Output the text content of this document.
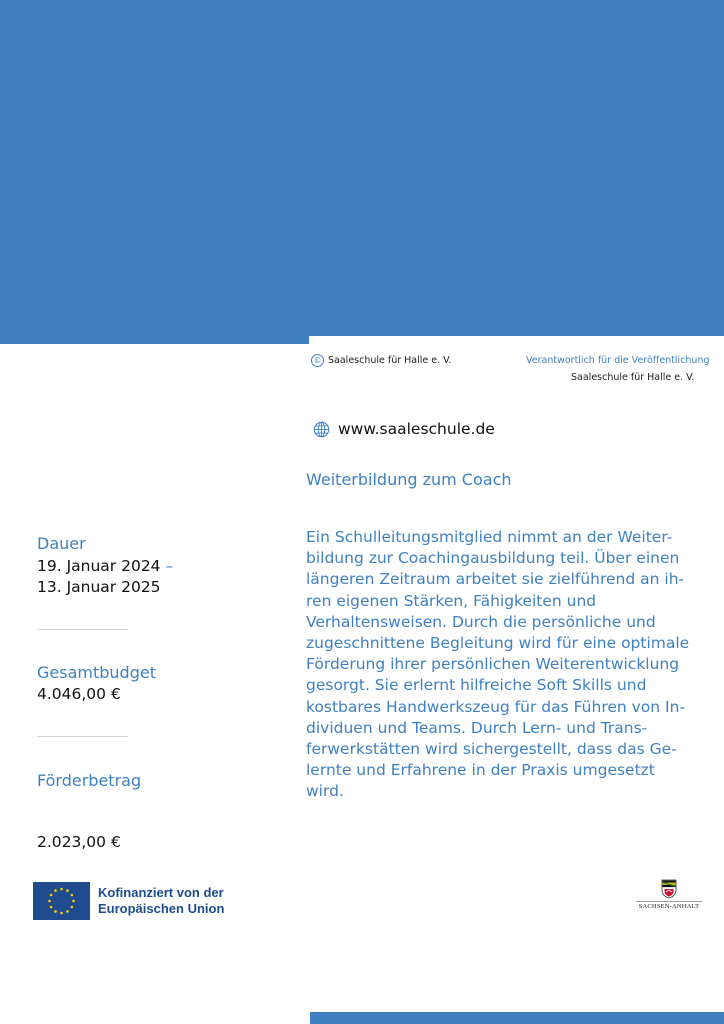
© Saaleschule für Halle e. V.	Verantwortlich für die Veröffentlichung
Saaleschule für Halle e. V.
www.saaleschule.de
Weiterbildung zum Coach

Ein Schulleitungsmitglied nimmt an der Weiter-
bildung zur Coachingausbildung teil. Über einen
längeren Zeitraum arbeitet sie zielführend an ih-
ren eigenen Stärken, Fähigkeiten und
Verhaltensweisen. Durch die persönliche und
zugeschnittene Begleitung wird für eine optimale
Förderung ihrer persönlichen Weiterentwicklung
gesorgt. Sie erlernt hilfreiche Soft Skills und
kostbares Handwerkszeug für das Führen von In-
dividuen und Teams. Durch Lern- und Trans-
ferwerkstätten wird sichergestellt, dass das Ge-
lernte und Erfahrene in der Praxis umgesetzt
wird.

Dauer
19. Januar 2024 –
13. Januar 2025
Gesamtbudget
4.046,00 €
Förderbetrag
2.023,00 €
Kofinanziert von der
Europäischen Union	SACHSEN-ANHALT
